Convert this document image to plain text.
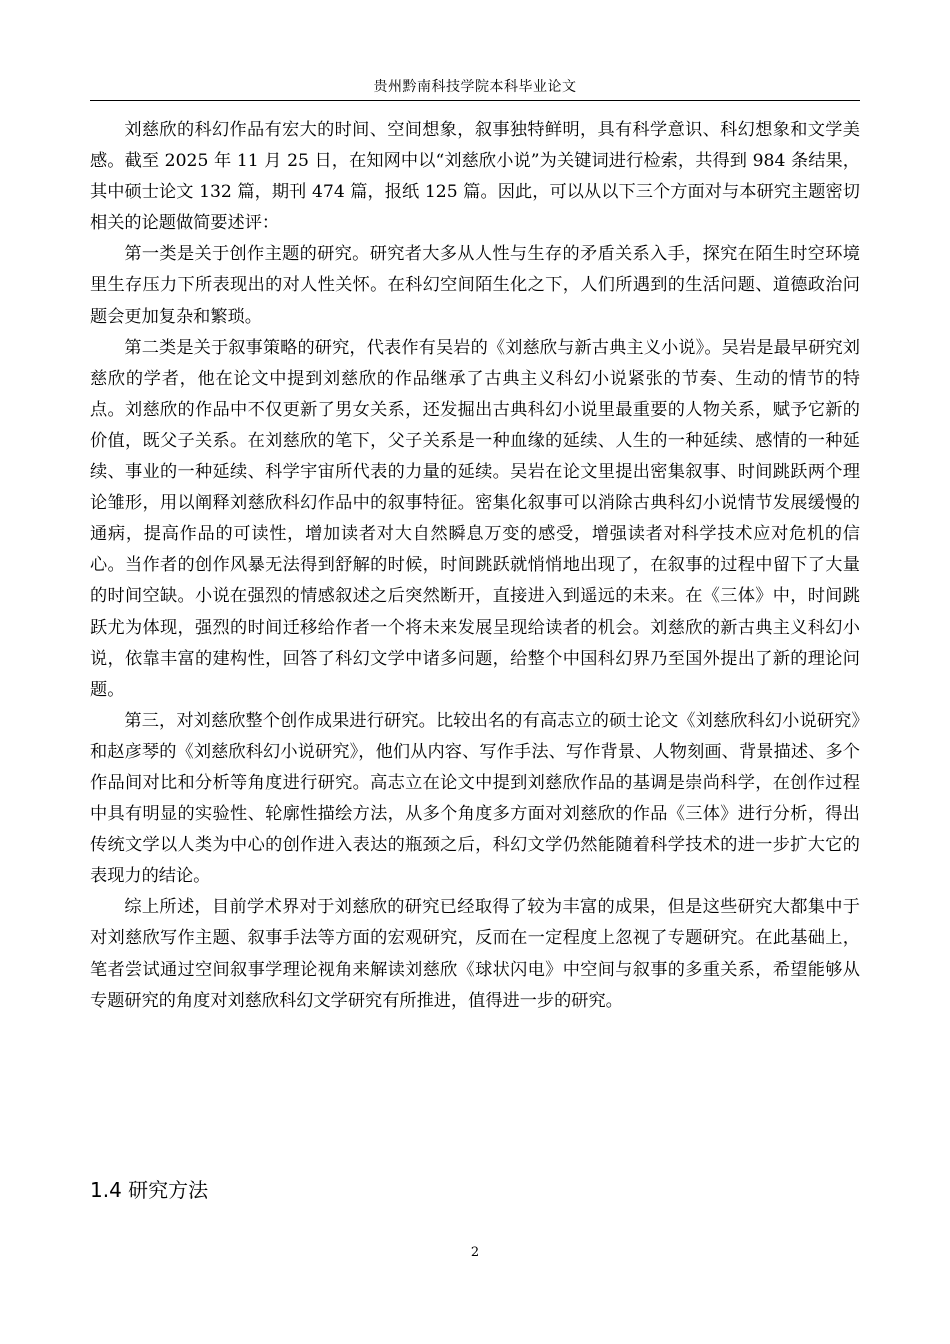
贵州黔南科技学院本科毕业论文

刘慈欣的科幻作品有宏大的时间、空间想象，叙事独特鲜明，具有科学意识、科幻想象和文学美感。截至 2025 年 11 月 25 日，在知网中以“刘慈欣小说”为关键词进行检索，共得到 984 条结果，其中硕士论文 132 篇，期刊 474 篇，报纸 125 篇。因此，可以从以下三个方面对与本研究主题密切相关的论题做简要述评：

第一类是关于创作主题的研究。研究者大多从人性与生存的矛盾关系入手，探究在陌生时空环境里生存压力下所表现出的对人性关怀。在科幻空间陌生化之下，人们所遇到的生活问题、道德政治问题会更加复杂和繁琐。

第二类是关于叙事策略的研究，代表作有吴岩的《刘慈欣与新古典主义小说》。吴岩是最早研究刘慈欣的学者，他在论文中提到刘慈欣的作品继承了古典主义科幻小说紧张的节奏、生动的情节的特点。刘慈欣的作品中不仅更新了男女关系，还发掘出古典科幻小说里最重要的人物关系，赋予它新的价值，既父子关系。在刘慈欣的笔下，父子关系是一种血缘的延续、人生的一种延续、感情的一种延续、事业的一种延续、科学宇宙所代表的力量的延续。吴岩在论文里提出密集叙事、时间跳跃两个理论雏形，用以阐释刘慈欣科幻作品中的叙事特征。密集化叙事可以消除古典科幻小说情节发展缓慢的通病，提高作品的可读性，增加读者对大自然瞬息万变的感受，增强读者对科学技术应对危机的信心。当作者的创作风暴无法得到舒解的时候，时间跳跃就悄悄地出现了，在叙事的过程中留下了大量的时间空缺。小说在强烈的情感叙述之后突然断开，直接进入到遥远的未来。在《三体》中，时间跳跃尤为体现，强烈的时间迁移给作者一个将未来发展呈现给读者的机会。刘慈欣的新古典主义科幻小说，依靠丰富的建构性，回答了科幻文学中诸多问题，给整个中国科幻界乃至国外提出了新的理论问题。

第三，对刘慈欣整个创作成果进行研究。比较出名的有高志立的硕士论文《刘慈欣科幻小说研究》和赵彦琴的《刘慈欣科幻小说研究》，他们从内容、写作手法、写作背景、人物刻画、背景描述、多个作品间对比和分析等角度进行研究。高志立在论文中提到刘慈欣作品的基调是崇尚科学，在创作过程中具有明显的实验性、轮廓性描绘方法，从多个角度多方面对刘慈欣的作品《三体》进行分析，得出传统文学以人类为中心的创作进入表达的瓶颈之后，科幻文学仍然能随着科学技术的进一步扩大它的表现力的结论。

综上所述，目前学术界对于刘慈欣的研究已经取得了较为丰富的成果，但是这些研究大都集中于对刘慈欣写作主题、叙事手法等方面的宏观研究，反而在一定程度上忽视了专题研究。在此基础上，笔者尝试通过空间叙事学理论视角来解读刘慈欣《球状闪电》中空间与叙事的多重关系，希望能够从专题研究的角度对刘慈欣科幻文学研究有所推进，值得进一步的研究。

1.4 研究方法
2
